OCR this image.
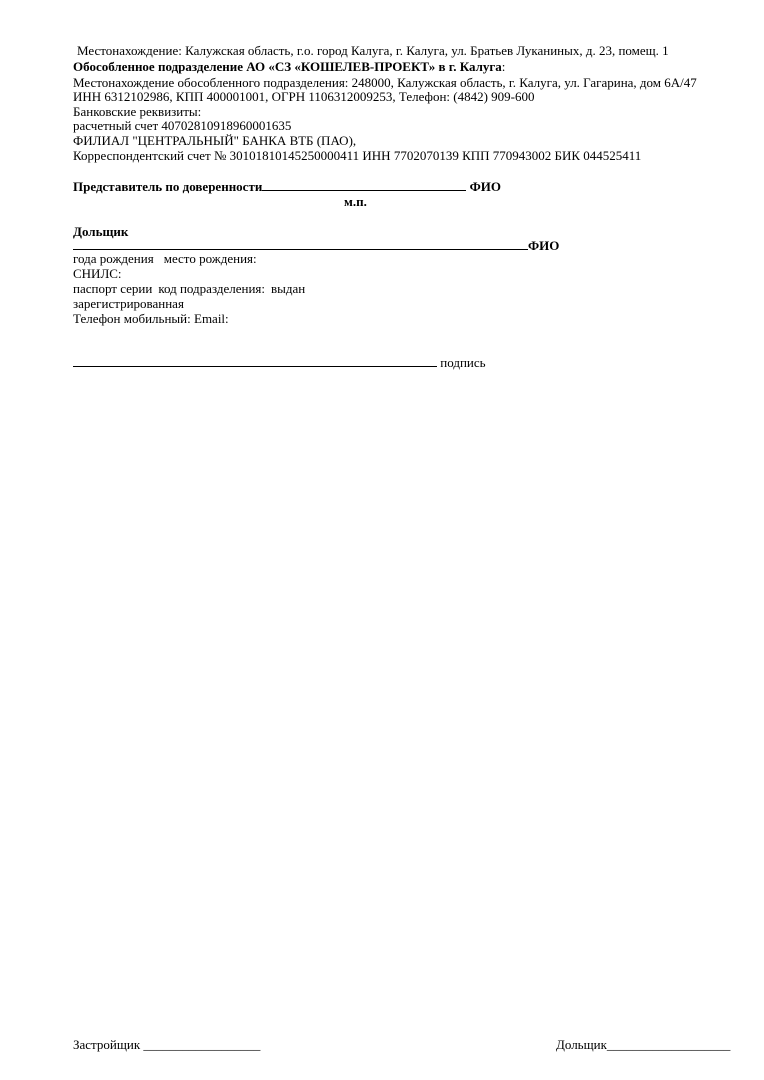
Местонахождение: Калужская область, г.о. город Калуга, г. Калуга, ул. Братьев Луканиных, д. 23, помещ. 1
Обособленное подразделение АО «СЗ «КОШЕЛЕВ-ПРОЕКТ» в г. Калуга:
Местонахождение обособленного подразделения: 248000, Калужская область, г. Калуга, ул. Гагарина, дом 6А/47
ИНН 6312102986, КПП 400001001, ОГРН 1106312009253, Телефон: (4842) 909-600
Банковские реквизиты:
расчетный счет 40702810918960001635
ФИЛИАЛ "ЦЕНТРАЛЬНЫЙ" БАНКА ВТБ (ПАО),
Корреспондентский счет № 30101810145250000411 ИНН 7702070139 КПП 770943002 БИК 044525411
Представитель по доверенности	ФИО
м.п.
Дольщик
ФИО
года рождения место рождения:
СНИЛС:
паспорт серии код подразделения: выдан
зарегистрированная
Телефон мобильный: Email:
подпись
Застройщик __________________	Дольщик___________________
